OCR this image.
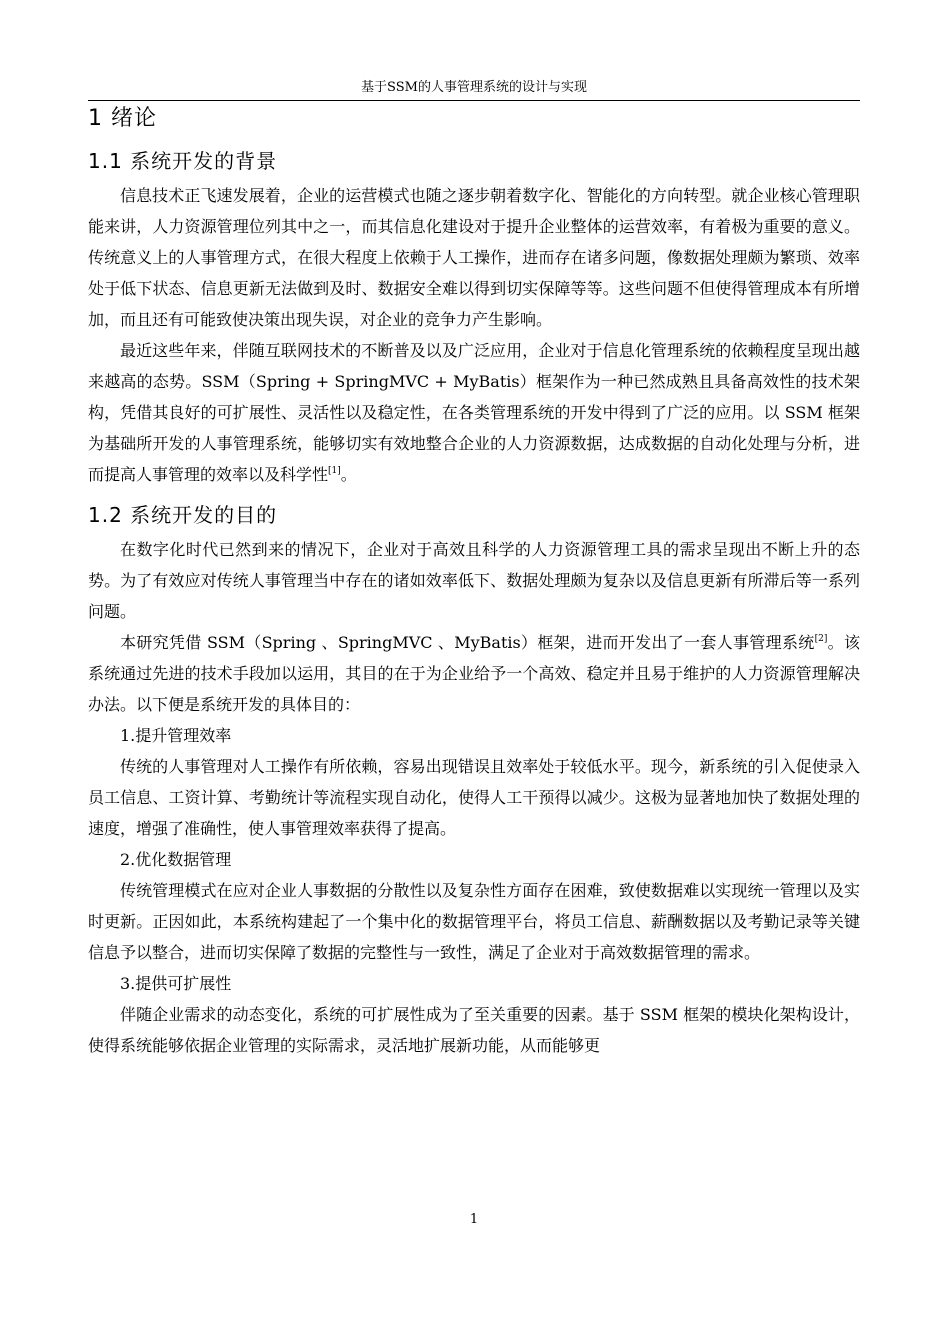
基于SSM的人事管理系统的设计与实现
1 绪论
1.1 系统开发的背景

信息技术正飞速发展着，企业的运营模式也随之逐步朝着数字化、智能化的方向转型。就企业核心管理职能来讲，人力资源管理位列其中之一，而其信息化建设对于提升企业整体的运营效率，有着极为重要的意义。传统意义上的人事管理方式，在很大程度上依赖于人工操作，进而存在诸多问题，像数据处理颇为繁琐、效率处于低下状态、信息更新无法做到及时、数据安全难以得到切实保障等等。这些问题不但使得管理成本有所增加，而且还有可能致使决策出现失误，对企业的竞争力产生影响。

最近这些年来，伴随互联网技术的不断普及以及广泛应用，企业对于信息化管理系统的依赖程度呈现出越来越高的态势。SSM（Spring + SpringMVC + MyBatis）框架作为一种已然成熟且具备高效性的技术架构，凭借其良好的可扩展性、灵活性以及稳定性，在各类管理系统的开发中得到了广泛的应用。以 SSM 框架为基础所开发的人事管理系统，能够切实有效地整合企业的人力资源数据，达成数据的自动化处理与分析，进而提高人事管理的效率以及科学性[1]。

1.2 系统开发的目的

在数字化时代已然到来的情况下，企业对于高效且科学的人力资源管理工具的需求呈现出不断上升的态势。为了有效应对传统人事管理当中存在的诸如效率低下、数据处理颇为复杂以及信息更新有所滞后等一系列问题。

本研究凭借 SSM（Spring 、SpringMVC 、MyBatis）框架，进而开发出了一套人事管理系统[2]。该系统通过先进的技术手段加以运用，其目的在于为企业给予一个高效、稳定并且易于维护的人力资源管理解决办法。以下便是系统开发的具体目的：

1.提升管理效率

传统的人事管理对人工操作有所依赖，容易出现错误且效率处于较低水平。现今，新系统的引入促使录入员工信息、工资计算、考勤统计等流程实现自动化，使得人工干预得以减少。这极为显著地加快了数据处理的速度，增强了准确性，使人事管理效率获得了提高。

2.优化数据管理

传统管理模式在应对企业人事数据的分散性以及复杂性方面存在困难，致使数据难以实现统一管理以及实时更新。正因如此，本系统构建起了一个集中化的数据管理平台，将员工信息、薪酬数据以及考勤记录等关键信息予以整合，进而切实保障了数据的完整性与一致性，满足了企业对于高效数据管理的需求。

3.提供可扩展性

伴随企业需求的动态变化，系统的可扩展性成为了至关重要的因素。基于 SSM 框架的模块化架构设计，使得系统能够依据企业管理的实际需求，灵活地扩展新功能，从而能够更

1
